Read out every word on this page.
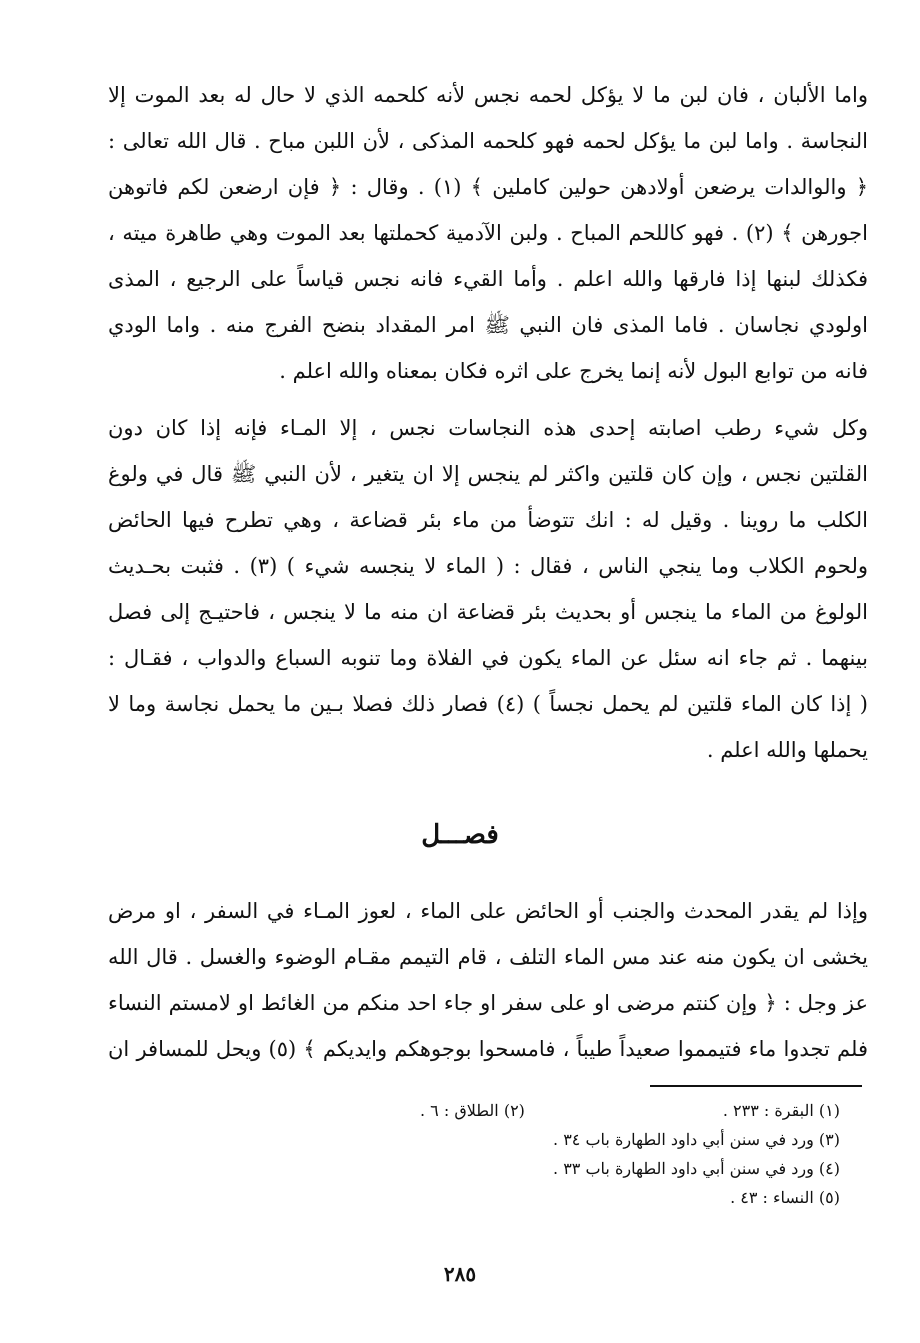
واما الألبان ، فان لبن ما لا يؤكل لحمه نجس لأنه كلحمه الذي لا حال له بعد الموت إلا
النجاسة . واما لبن ما يؤكل لحمه فهو كلحمه المذكى ، لأن اللبن مباح . قال الله تعالى :
﴿ والوالدات يرضعن أولادهن حولين كاملين ﴾ (١) . وقال : ﴿ فإن ارضعن لكم فاتوهن
اجورهن ﴾ (٢) . فهو كاللحم المباح . ولبن الآدمية كحملتها بعد الموت وهي طاهرة ميته ،
فكذلك لبنها إذا فارقها والله اعلم . وأما القيء فانه نجس قياساً على الرجيع ، المذى
اولودي نجاسان . فاما المذى فان النبي ﷺ امر المقداد بنضح الفرج منه . واما الودي
فانه من توابع البول لأنه إنما يخرج على اثره فكان بمعناه والله اعلم .
وكل شيء رطب اصابته إحدى هذه النجاسات نجس ، إلا المـاء فإنه إذا كان دون
القلتين نجس ، وإن كان قلتين واكثر لم ينجس إلا ان يتغير ، لأن النبي ﷺ قال في ولوغ
الكلب ما روينا . وقيل له : انك تتوضأ من ماء بئر قضاعة ، وهي تطرح فيها الحائض
ولحوم الكلاب وما ينجي الناس ، فقال : ( الماء لا ينجسه شيء ) (٣) . فثبت بحـديث
الولوغ من الماء ما ينجس أو بحديث بئر قضاعة ان منه ما لا ينجس ، فاحتيـج إلى فصل
بينهما . ثم جاء انه سئل عن الماء يكون في الفلاة وما تنوبه السباع والدواب ، فقـال :
( إذا كان الماء قلتين لم يحمل نجساً ) (٤) فصار ذلك فصلا بـين ما يحمل نجاسة وما لا
يحملها والله اعلم .
فصـــل
وإذا لم يقدر المحدث والجنب أو الحائض على الماء ، لعوز المـاء في السفر ، او مرض
يخشى ان يكون منه عند مس الماء التلف ، قام التيمم مقـام الوضوء والغسل . قال الله
عز وجل : ﴿ وإن كنتم مرضى او على سفر او جاء احد منكم من الغائط او لامستم النساء
فلم تجدوا ماء فتيمموا صعيداً طيباً ، فامسحوا بوجوهكم وايديكم ﴾ (٥) ويحل للمسافر ان
(١) البقرة : ٢٣٣ .
(٢) الطلاق : ٦ .
(٣) ورد في سنن أبي داود الطهارة باب ٣٤ .
(٤) ورد في سنن أبي داود الطهارة باب ٣٣ .
(٥) النساء : ٤٣ .
٢٨٥
